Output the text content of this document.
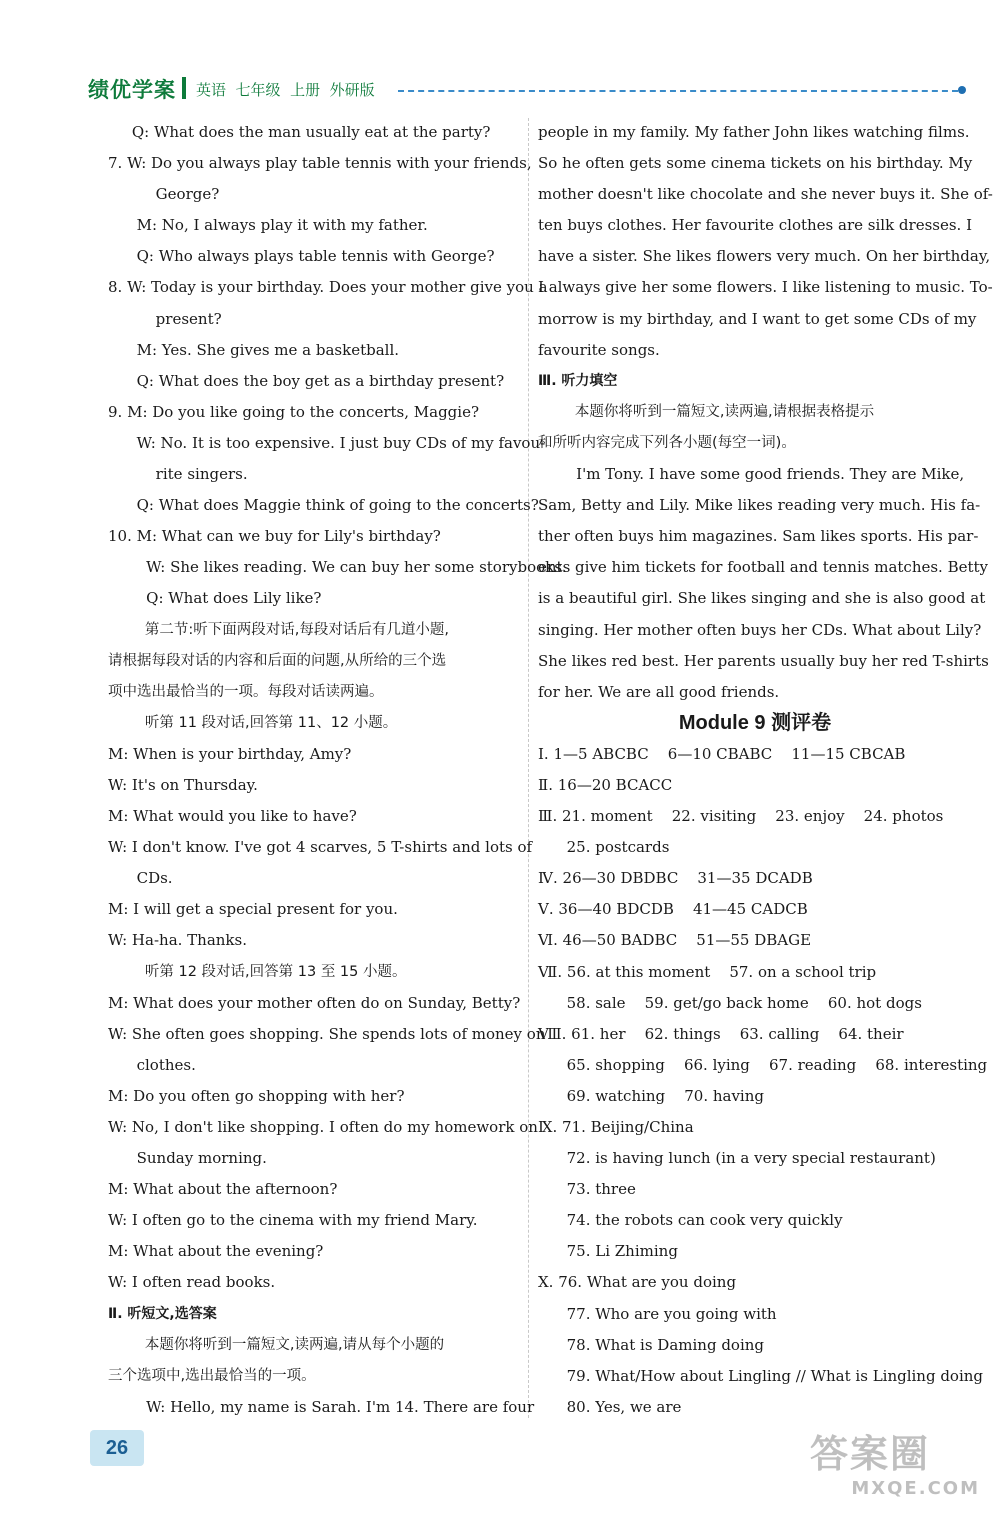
绩优学案 英语  七年级  上册  外研版
Q: What does the man usually eat at the party?
7. W: Do you always play table tennis with your friends,
George?
M: No, I always play it with my father.
Q: Who always plays table tennis with George?
8. W: Today is your birthday. Does your mother give you a
present?
M: Yes. She gives me a basketball.
Q: What does the boy get as a birthday present?
9. M: Do you like going to the concerts, Maggie?
W: No. It is too expensive. I just buy CDs of my favou-
rite singers.
Q: What does Maggie think of going to the concerts?
10. M: What can we buy for Lily's birthday?
W: She likes reading. We can buy her some storybooks.
Q: What does Lily like?
第二节:听下面两段对话,每段对话后有几道小题,
请根据每段对话的内容和后面的问题,从所给的三个选
项中选出最恰当的一项。每段对话读两遍。
听第 11 段对话,回答第 11、12 小题。
M: When is your birthday, Amy?
W: It's on Thursday.
M: What would you like to have?
W: I don't know. I've got 4 scarves, 5 T-shirts and lots of
CDs.
M: I will get a special present for you.
W: Ha-ha. Thanks.
听第 12 段对话,回答第 13 至 15 小题。
M: What does your mother often do on Sunday, Betty?
W: She often goes shopping. She spends lots of money on
clothes.
M: Do you often go shopping with her?
W: No, I don't like shopping. I often do my homework on
Sunday morning.
M: What about the afternoon?
W: I often go to the cinema with my friend Mary.
M: What about the evening?
W: I often read books.
Ⅱ. 听短文,选答案
本题你将听到一篇短文,读两遍,请从每个小题的
三个选项中,选出最恰当的一项。
W: Hello, my name is Sarah. I'm 14. There are four
people in my family. My father John likes watching films.
So he often gets some cinema tickets on his birthday. My
mother doesn't like chocolate and she never buys it. She of-
ten buys clothes. Her favourite clothes are silk dresses. I
have a sister. She likes flowers very much. On her birthday,
I always give her some flowers. I like listening to music. To-
morrow is my birthday, and I want to get some CDs of my
favourite songs.
Ⅲ. 听力填空
本题你将听到一篇短文,读两遍,请根据表格提示
和所听内容完成下列各小题(每空一词)。
I'm Tony. I have some good friends. They are Mike,
Sam, Betty and Lily. Mike likes reading very much. His fa-
ther often buys him magazines. Sam likes sports. His par-
ents give him tickets for football and tennis matches. Betty
is a beautiful girl. She likes singing and she is also good at
singing. Her mother often buys her CDs. What about Lily?
She likes red best. Her parents usually buy her red T-shirts
for her. We are all good friends.
Module 9 测评卷
Ⅰ. 1—5 ABCBC    6—10 CBABC    11—15 CBCAB
Ⅱ. 16—20 BCACC
Ⅲ. 21. moment    22. visiting    23. enjoy    24. photos
25. postcards
Ⅳ. 26—30 DBDBC    31—35 DCADB
Ⅴ. 36—40 BDCDB    41—45 CADCB
Ⅵ. 46—50 BADBC    51—55 DBAGE
Ⅶ. 56. at this moment    57. on a school trip
58. sale    59. get/go back home    60. hot dogs
Ⅷ. 61. her    62. things    63. calling    64. their
65. shopping    66. lying    67. reading    68. interesting
69. watching    70. having
Ⅸ. 71. Beijing/China
72. is having lunch (in a very special restaurant)
73. three
74. the robots can cook very quickly
75. Li Zhiming
Ⅹ. 76. What are you doing
77. Who are you going with
78. What is Daming doing
79. What/How about Lingling // What is Lingling doing
80. Yes, we are
26	答案圈
MXQE.COM
